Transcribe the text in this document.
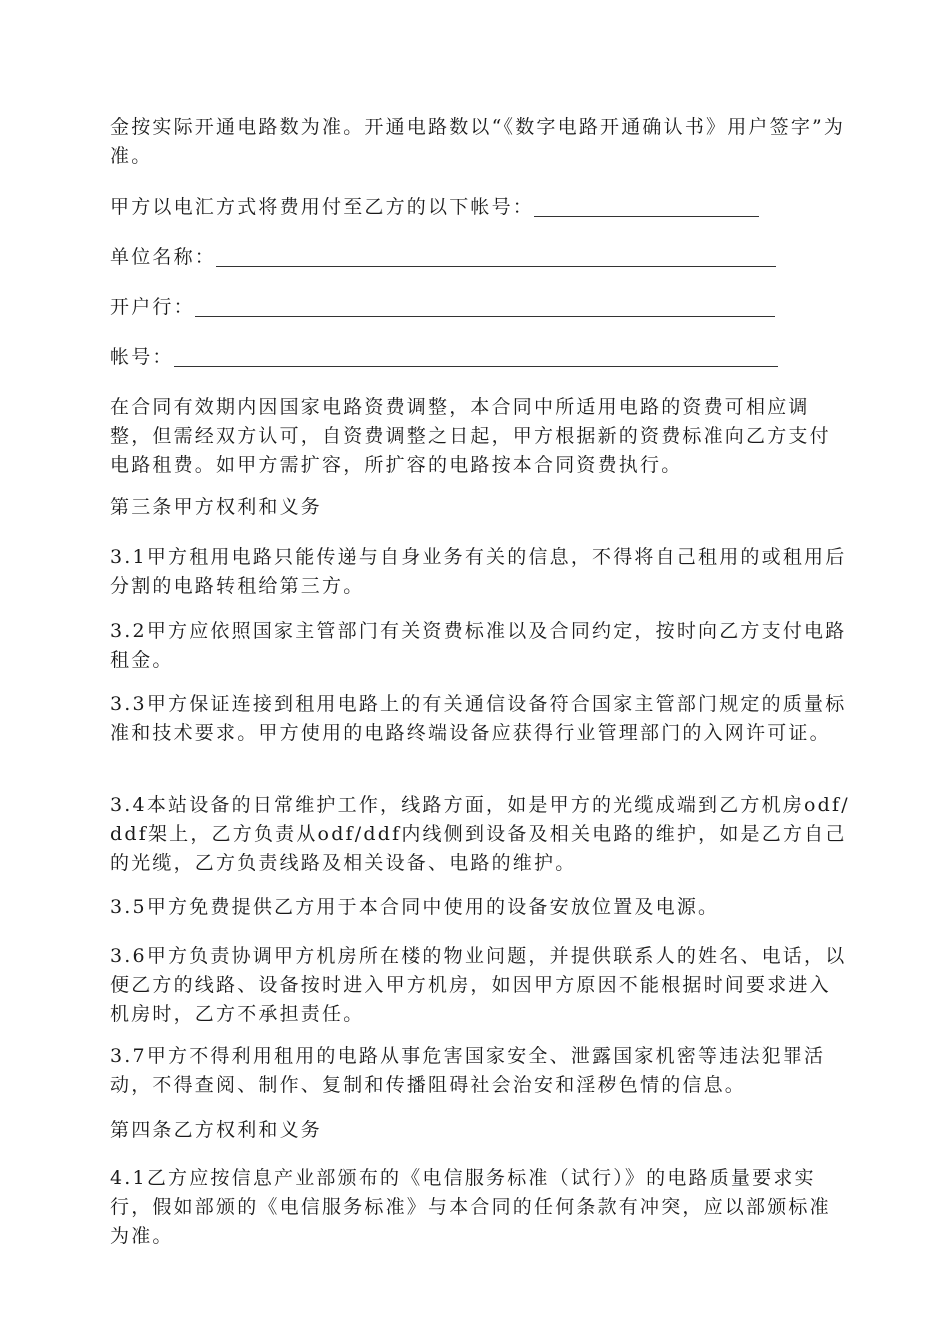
金按实际开通电路数为准。开通电路数以“《数字电路开通确认书》用户签字”为准。

甲方以电汇方式将费用付至乙方的以下帐号：
单位名称：
开户行：
帐号：

在合同有效期内因国家电路资费调整，本合同中所适用电路的资费可相应调整，但需经双方认可，自资费调整之日起，甲方根据新的资费标准向乙方支付电路租费。如甲方需扩容，所扩容的电路按本合同资费执行。

第三条甲方权利和义务

3.1甲方租用电路只能传递与自身业务有关的信息，不得将自己租用的或租用后分割的电路转租给第三方。

3.2甲方应依照国家主管部门有关资费标准以及合同约定，按时向乙方支付电路租金。

3.3甲方保证连接到租用电路上的有关通信设备符合国家主管部门规定的质量标准和技术要求。甲方使用的电路终端设备应获得行业管理部门的入网许可证。

3.4本站设备的日常维护工作，线路方面，如是甲方的光缆成端到乙方机房odf/ddf架上，乙方负责从odf/ddf内线侧到设备及相关电路的维护，如是乙方自己的光缆，乙方负责线路及相关设备、电路的维护。

3.5甲方免费提供乙方用于本合同中使用的设备安放位置及电源。

3.6甲方负责协调甲方机房所在楼的物业问题，并提供联系人的姓名、电话，以便乙方的线路、设备按时进入甲方机房，如因甲方原因不能根据时间要求进入机房时，乙方不承担责任。

3.7甲方不得利用租用的电路从事危害国家安全、泄露国家机密等违法犯罪活动，不得查阅、制作、复制和传播阻碍社会治安和淫秽色情的信息。

第四条乙方权利和义务

4.1乙方应按信息产业部颁布的《电信服务标准（试行）》的电路质量要求实行，假如部颁的《电信服务标准》与本合同的任何条款有冲突，应以部颁标准为准。
